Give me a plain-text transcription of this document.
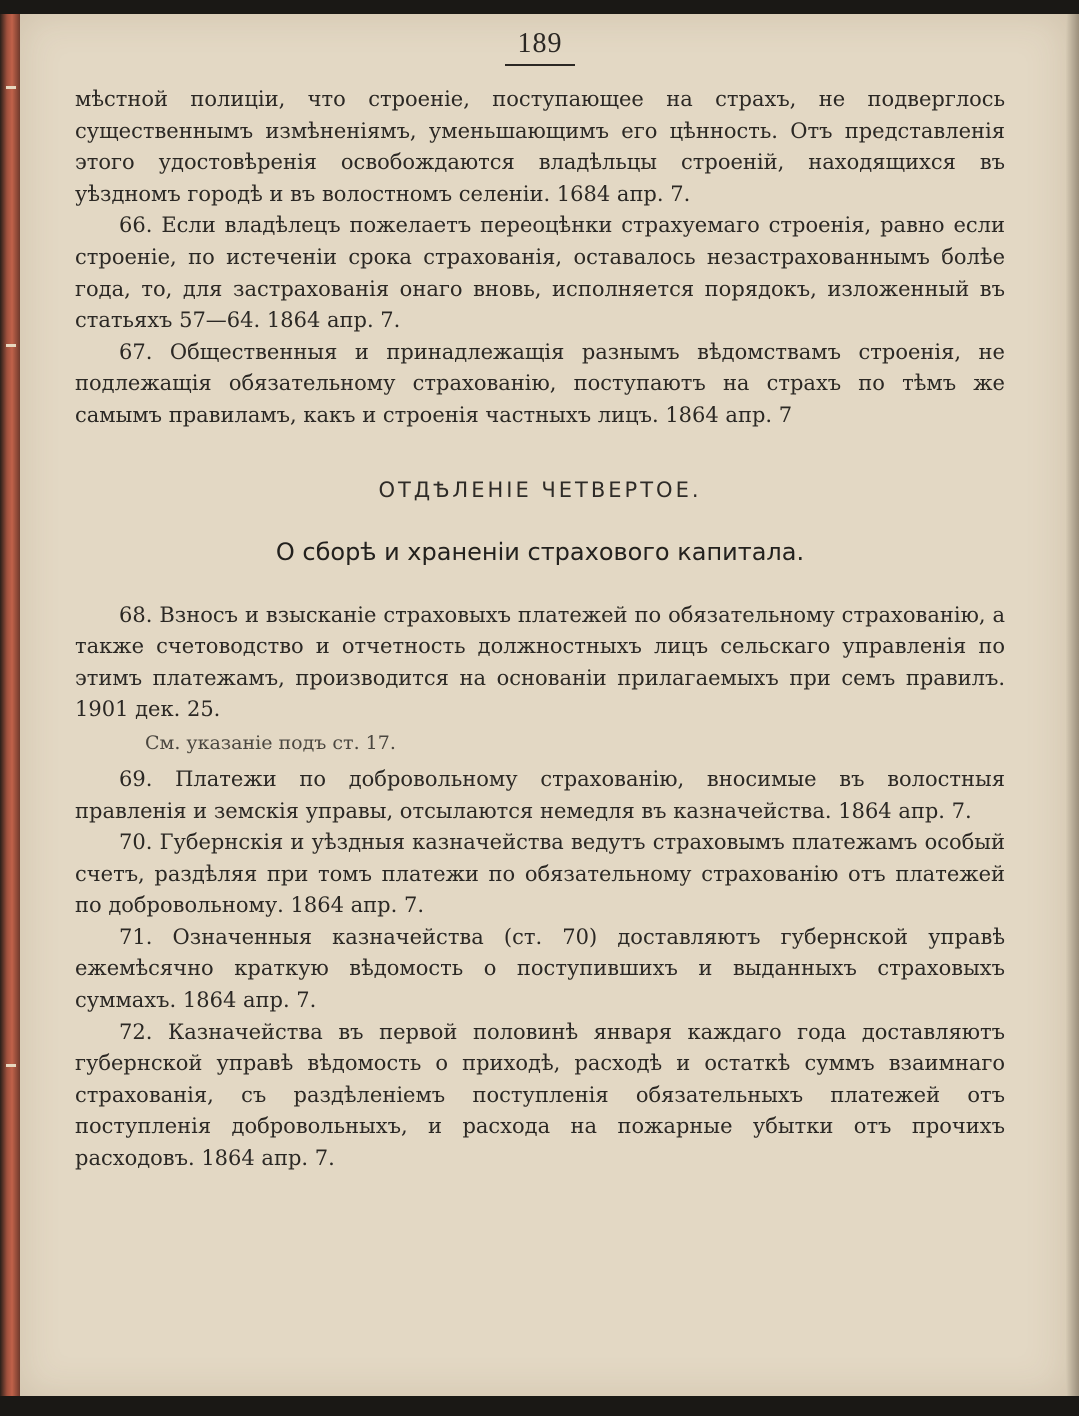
189

мѣстной полиціи, что строеніе, поступающее на страхъ, не подверглось существеннымъ измѣненіямъ, уменьшающимъ его цѣнность. Отъ представленія этого удостовѣренія освобождаются владѣльцы строеній, находящихся въ уѣздномъ городѣ и въ волостномъ селеніи. 1684 апр. 7.

66. Если владѣлецъ пожелаетъ переоцѣнки страхуемаго строенія, равно если строеніе, по истеченіи срока страхованія, оставалось незастрахованнымъ болѣе года, то, для застрахованія онаго вновь, исполняется порядокъ, изложенный въ статьяхъ 57—64. 1864 апр. 7.

67. Общественныя и принадлежащія разнымъ вѣдомствамъ строенія, не подлежащія обязательному страхованію, поступаютъ на страхъ по тѣмъ же самымъ правиламъ, какъ и строенія частныхъ лицъ. 1864 апр. 7

ОТДѢЛЕНІЕ ЧЕТВЕРТОЕ.
О сборѣ и храненіи страхового капитала.

68. Взносъ и взысканіе страховыхъ платежей по обязательному страхованію, а также счетоводство и отчетность должностныхъ лицъ сельскаго управленія по этимъ платежамъ, производится на основаніи прилагаемыхъ при семъ правилъ. 1901 дек. 25.

См. указаніе подъ ст. 17.

69. Платежи по добровольному страхованію, вносимые въ волостныя правленія и земскія управы, отсылаются немедля въ казначейства. 1864 апр. 7.

70. Губернскія и уѣздныя казначейства ведутъ страховымъ платежамъ особый счетъ, раздѣляя при томъ платежи по обязательному страхованію отъ платежей по добровольному. 1864 апр. 7.

71. Означенныя казначейства (ст. 70) доставляютъ губернской управѣ ежемѣсячно краткую вѣдомость о поступившихъ и выданныхъ страховыхъ суммахъ. 1864 апр. 7.

72. Казначейства въ первой половинѣ января каждаго года доставляютъ губернской управѣ вѣдомость о приходѣ, расходѣ и остаткѣ суммъ взаимнаго страхованія, съ раздѣленіемъ поступленія обязательныхъ платежей отъ поступленія добровольныхъ, и расхода на пожарные убытки отъ прочихъ расходовъ. 1864 апр. 7.
